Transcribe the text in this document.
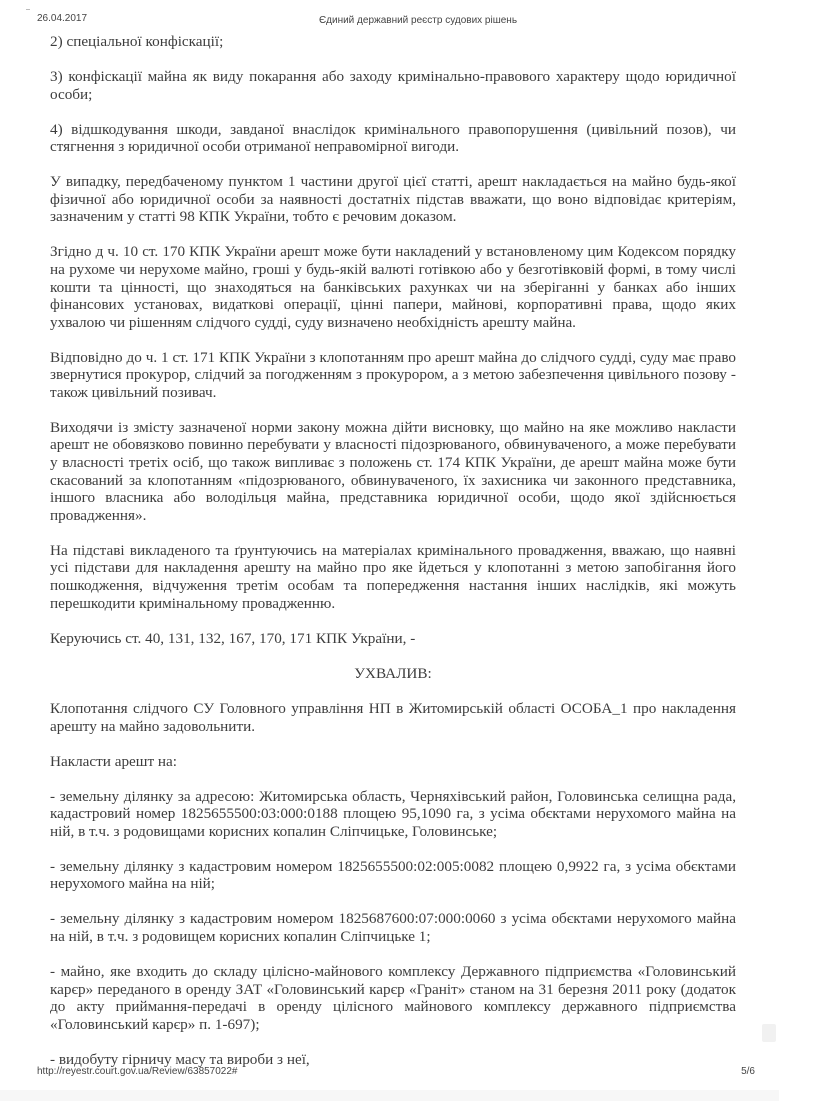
26.04.2017	Єдиний державний реєстр судових рішень

2) спеціальної конфіскації;

3) конфіскації майна як виду покарання або заходу кримінально-правового характеру щодо юридичної особи;

4) відшкодування шкоди, завданої внаслідок кримінального правопорушення (цивільний позов), чи стягнення з юридичної особи отриманої неправомірної вигоди.

У випадку, передбаченому пунктом 1 частини другої цієї статті, арешт накладається на майно будь-якої фізичної або юридичної особи за наявності достатніх підстав вважати, що воно відповідає критеріям, зазначеним у статті 98 КПК України, тобто є речовим доказом.

Згідно д ч. 10 ст. 170 КПК України арешт може бути накладений у встановленому цим Кодексом порядку на рухоме чи нерухоме майно, гроші у будь-якій валюті готівкою або у безготівковій формі, в тому числі кошти та цінності, що знаходяться на банківських рахунках чи на зберіганні у банках або інших фінансових установах, видаткові операції, цінні папери, майнові, корпоративні права, щодо яких ухвалою чи рішенням слідчого судді, суду визначено необхідність арешту майна.

Відповідно до ч. 1 ст. 171 КПК України з клопотанням про арешт майна до слідчого судді, суду має право звернутися прокурор, слідчий за погодженням з прокурором, а з метою забезпечення цивільного позову - також цивільний позивач.

Виходячи із змісту зазначеної норми закону можна дійти висновку, що майно на яке можливо накласти арешт не обовязково повинно перебувати у власності підозрюваного, обвинуваченого, а може перебувати у власності третіх осіб, що також випливає з положень ст. 174 КПК України, де арешт майна може бути скасований за клопотанням «підозрюваного, обвинуваченого, їх захисника чи законного представника, іншого власника або володільця майна, представника юридичної особи, щодо якої здійснюється провадження».

На підставі викладеного та ґрунтуючись на матеріалах кримінального провадження, вважаю, що наявні усі підстави для накладення арешту на майно про яке йдеться у клопотанні з метою запобігання його пошкодження, відчуження третім особам та попередження настання інших наслідків, які можуть перешкодити кримінальному провадженню.

Керуючись ст. 40, 131, 132, 167, 170, 171 КПК України, -

УХВАЛИВ:

Клопотання слідчого СУ Головного управління НП в Житомирській області ОСОБА_1 про накладення арешту на майно задовольнити.

Накласти арешт на:

- земельну ділянку за адресою: Житомирська область, Черняхівський район, Головинська селищна рада, кадастровий номер 1825655500:03:000:0188 площею 95,1090 га, з усіма обєктами нерухомого майна на ній, в т.ч. з родовищами корисних копалин Сліпчицьке, Головинське;

- земельну ділянку з кадастровим номером 1825655500:02:005:0082 площею 0,9922 га, з усіма обєктами нерухомого майна на ній;

- земельну ділянку з кадастровим номером 1825687600:07:000:0060 з усіма обєктами нерухомого майна на ній, в т.ч. з родовищем корисних копалин Сліпчицьке 1;

- майно, яке входить до складу цілісно-майнового комплексу Державного підприємства «Головинський карєр» переданого в оренду ЗАТ «Головинський карєр «Граніт» станом на 31 березня 2011 року (додаток до акту приймання-передачі в оренду цілісного майнового комплексу державного підприємства «Головинський карєр» п. 1-697);

- видобуту гірничу масу та вироби з неї,

http://reyestr.court.gov.ua/Review/63857022#	5/6
